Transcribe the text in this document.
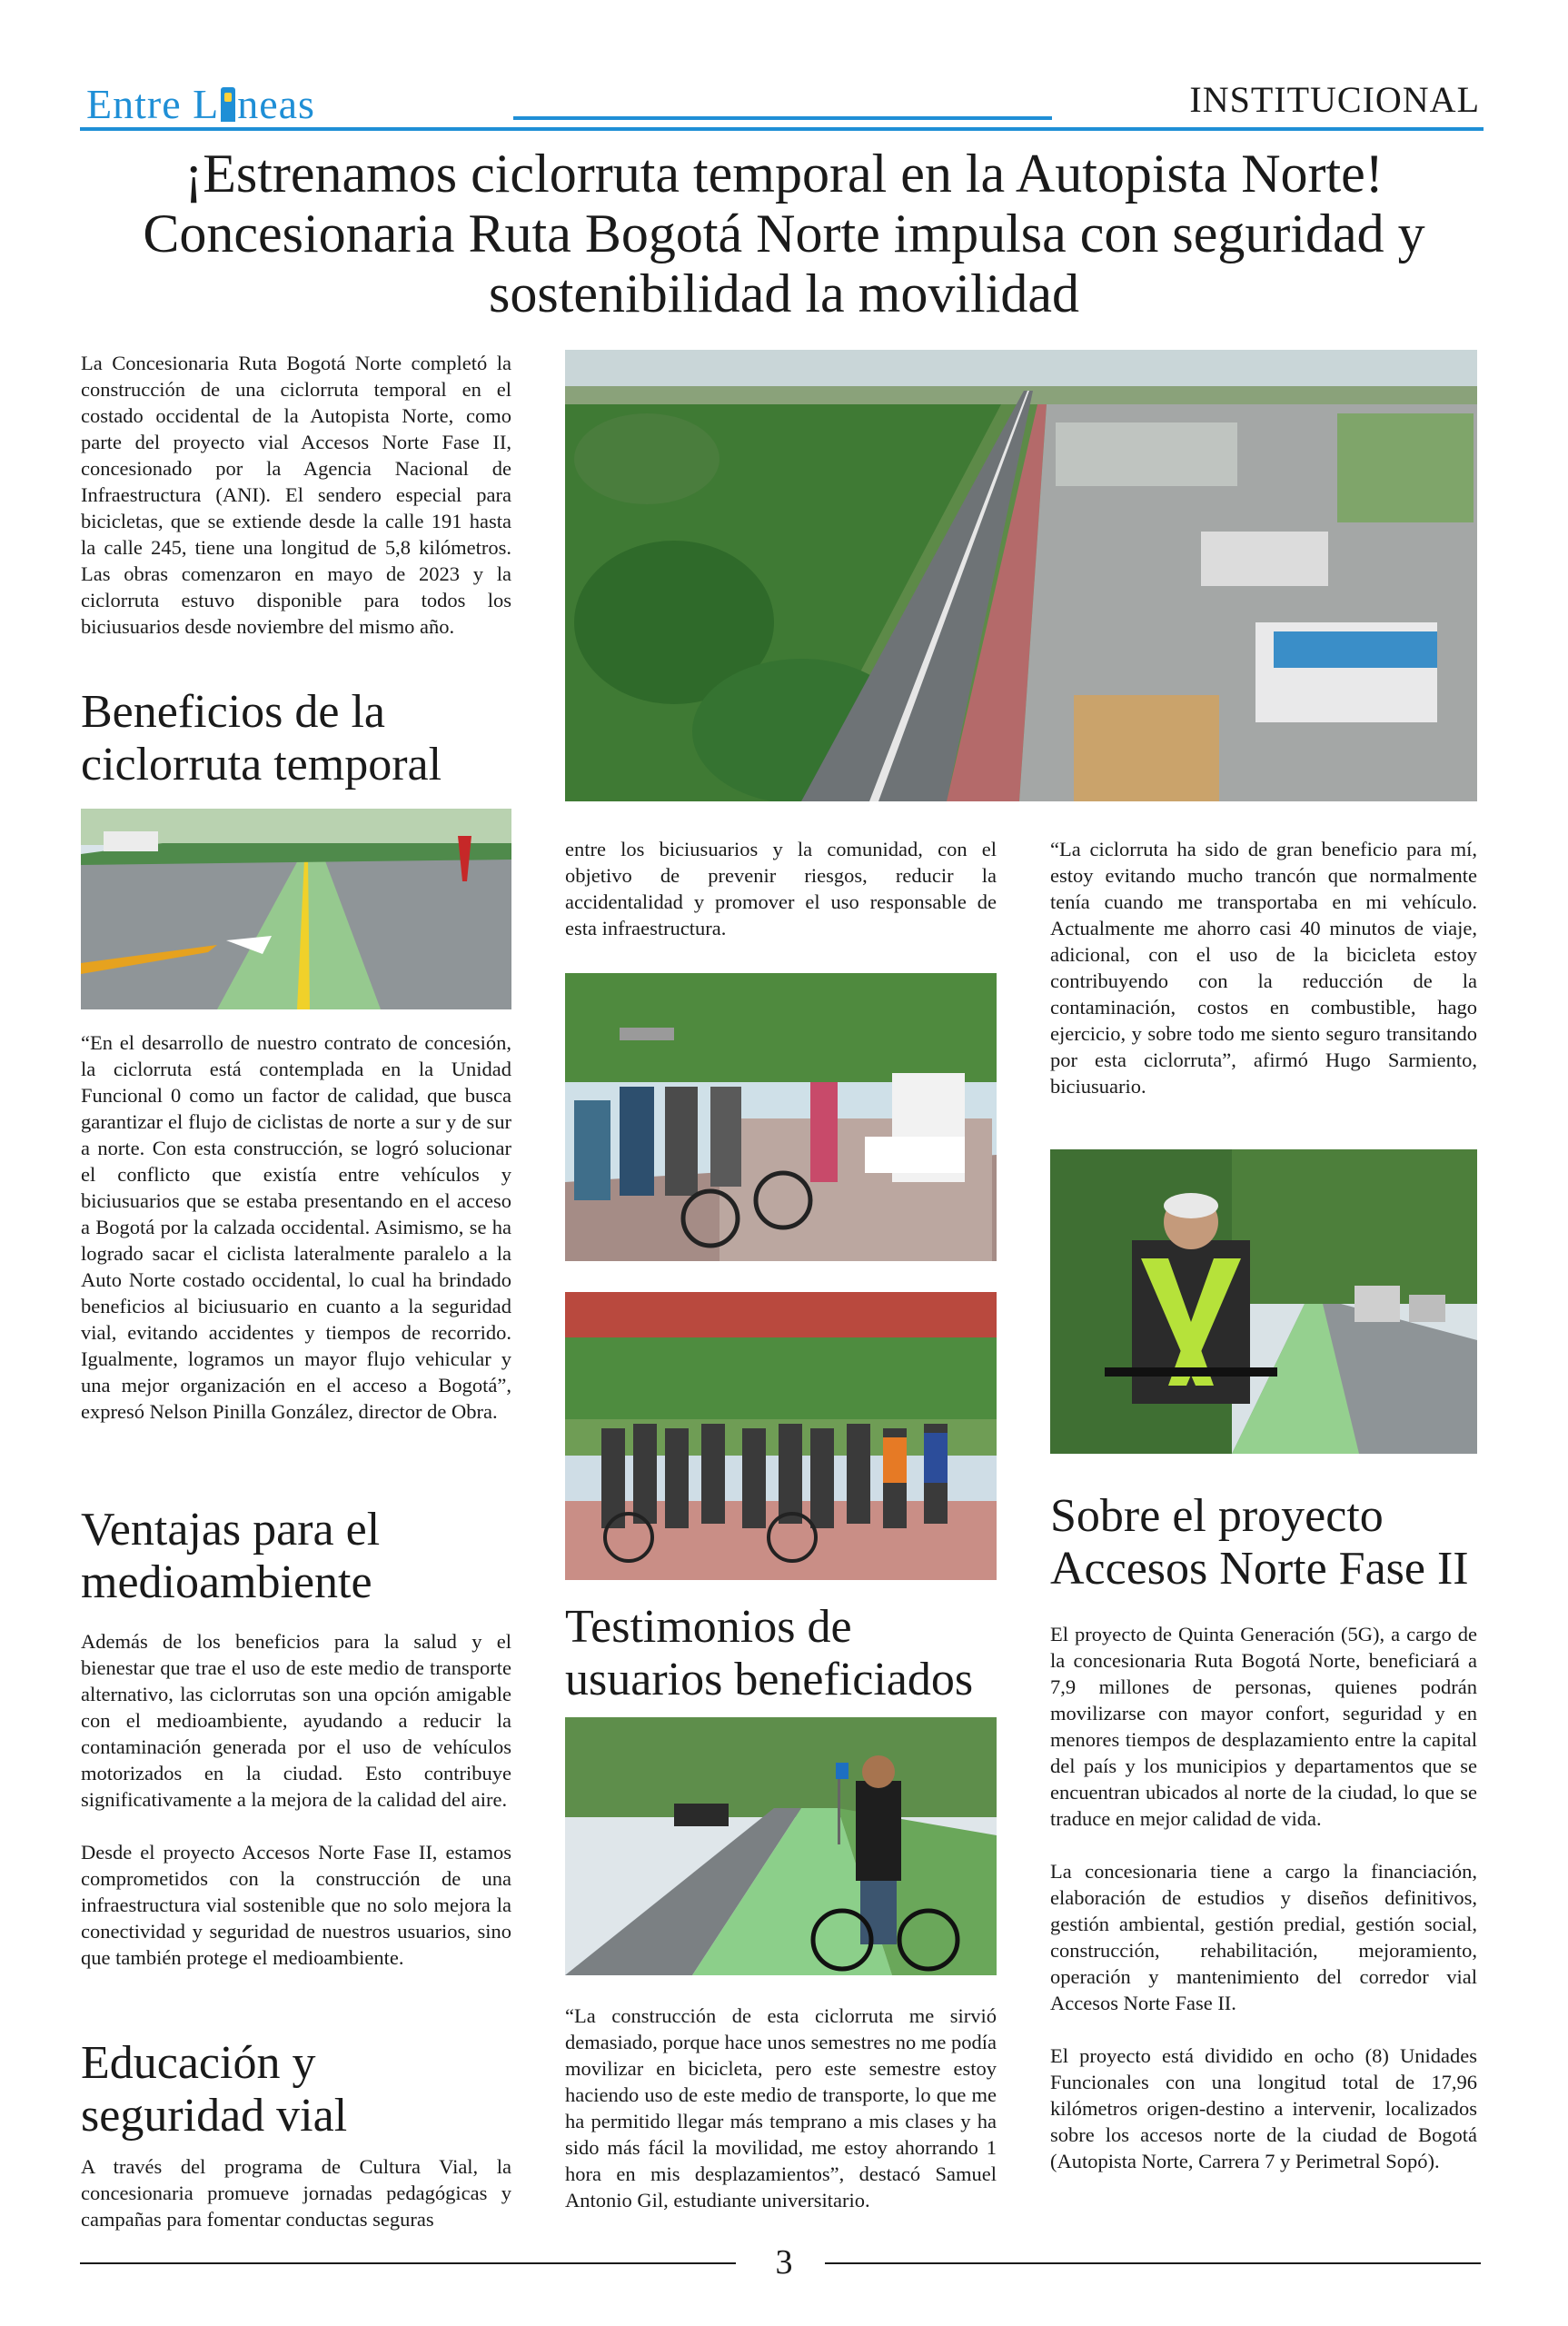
Entre L neas	INSTITUCIONAL
¡Estrenamos ciclorruta temporal en la Autopista Norte!
Concesionaria Ruta Bogotá Norte impulsa con seguridad y
sostenibilidad la movilidad

La Concesionaria Ruta Bogotá Norte completó la construcción de una ciclorruta temporal en el costado occidental de la Autopista Norte, como parte del proyecto vial Accesos Norte Fase II, concesionado por la Agencia Nacional de Infraestructura (ANI). El sendero especial para bicicletas, que se extiende desde la calle 191 hasta la calle 245, tiene una longitud de 5,8 kilómetros. Las obras comenzaron en mayo de 2023 y la ciclorruta estuvo disponible para todos los biciusuarios desde noviembre del mismo año.

Beneficios de la
ciclorruta temporal

“En el desarrollo de nuestro contrato de concesión, la ciclorruta está contemplada en la Unidad Funcional 0 como un factor de calidad, que busca garantizar el flujo de ciclistas de norte a sur y de sur a norte. Con esta construcción, se logró solucionar el conflicto que existía entre vehículos y biciusuarios que se estaba presentando en el acceso a Bogotá por la calzada occidental. Asimismo, se ha logrado sacar el ciclista lateralmente paralelo a la Auto Norte costado occidental, lo cual ha brindado beneficios al biciusuario en cuanto a la seguridad vial, evitando accidentes y tiempos de recorrido. Igualmente, logramos un mayor flujo vehicular y una mejor organización en el acceso a Bogotá”, expresó Nelson Pinilla González, director de Obra.

Ventajas para el
medioambiente

Además de los beneficios para la salud y el bienestar que trae el uso de este medio de transporte alternativo, las ciclorrutas son una opción amigable con el medioambiente, ayudando a reducir la contaminación generada por el uso de vehículos motorizados en la ciudad. Esto contribuye significativamente a la mejora de la calidad del aire.

Desde el proyecto Accesos Norte Fase II, estamos comprometidos con la construcción de una infraestructura vial sostenible que no solo mejora la conectividad y seguridad de nuestros usuarios, sino que también protege el medioambiente.

Educación y
seguridad vial

A través del programa de Cultura Vial, la concesionaria promueve jornadas pedagógicas y campañas para fomentar conductas seguras

entre los biciusuarios y la comunidad, con el objetivo de prevenir riesgos, reducir la accidentalidad y promover el uso responsable de esta infraestructura.

Testimonios de
usuarios beneficiados

“La construcción de esta ciclorruta me sirvió demasiado, porque hace unos semestres no me podía movilizar en bicicleta, pero este semestre estoy haciendo uso de este medio de transporte, lo que me ha permitido llegar más temprano a mis clases y ha sido más fácil la movilidad, me estoy ahorrando 1 hora en mis desplazamientos”, destacó Samuel Antonio Gil, estudiante universitario.

“La ciclorruta ha sido de gran beneficio para mí, estoy evitando mucho trancón que normalmente tenía cuando me transportaba en mi vehículo. Actualmente me ahorro casi 40 minutos de viaje, adicional, con el uso de la bicicleta estoy contribuyendo con la reducción de la contaminación, costos en combustible, hago ejercicio, y sobre todo me siento seguro transitando por esta ciclorruta”, afirmó Hugo Sarmiento, biciusuario.

Sobre el proyecto
Accesos Norte Fase II

El proyecto de Quinta Generación (5G), a cargo de la concesionaria Ruta Bogotá Norte, beneficiará a 7,9 millones de personas, quienes podrán movilizarse con mayor confort, seguridad y en menores tiempos de desplazamiento entre la capital del país y los municipios y departamentos que se encuentran ubicados al norte de la ciudad, lo que se traduce en mejor calidad de vida.

La concesionaria tiene a cargo la financiación, elaboración de estudios y diseños definitivos, gestión ambiental, gestión predial, gestión social, construcción, rehabilitación, mejoramiento, operación y mantenimiento del corredor vial Accesos Norte Fase II.

El proyecto está dividido en ocho (8) Unidades Funcionales con una longitud total de 17,96 kilómetros origen-destino a intervenir, localizados sobre los accesos norte de la ciudad de Bogotá (Autopista Norte, Carrera 7 y Perimetral Sopó).

3
